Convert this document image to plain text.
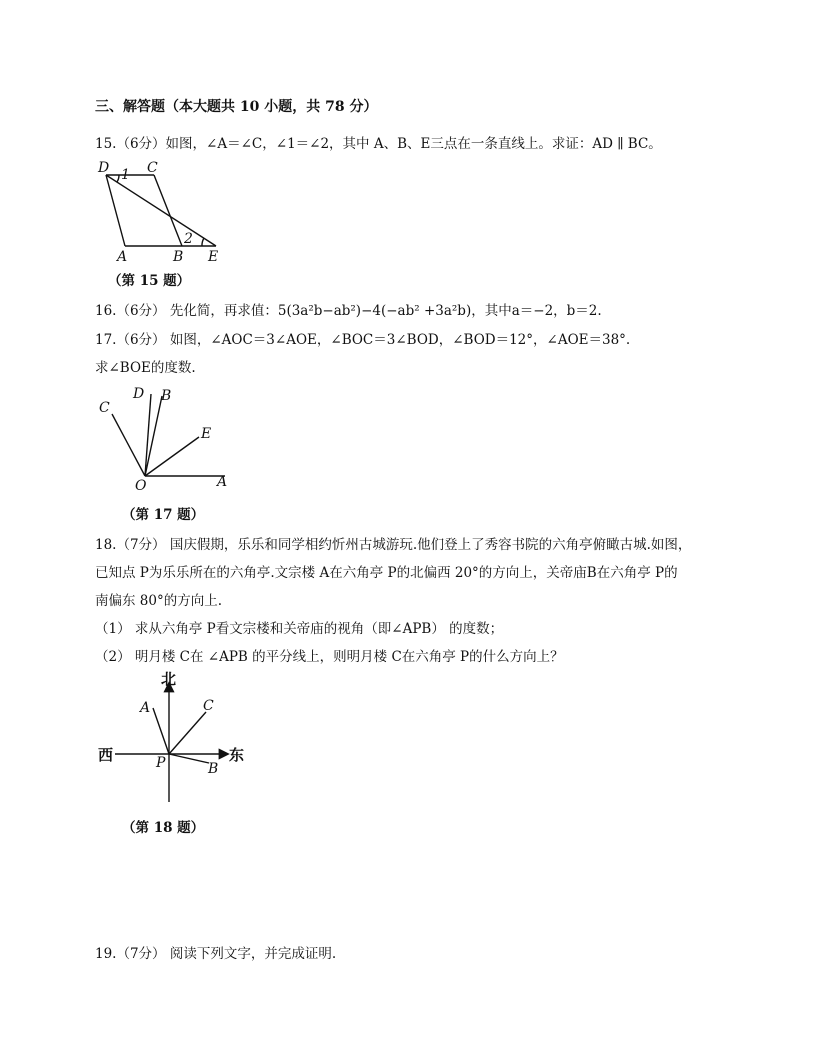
三、解答题（本大题共 10 小题，共 78 分）
15.（6分）如图，∠A＝∠C，∠1＝∠2，其中 A、B、E三点在一条直线上。求证：AD ∥ BC。
D	C
1
2
A	B E
（第 15 题）
16.（6分） 先化简，再求值：5(3a²b−ab²)−4(−ab² +3a²b)，其中a＝−2，b＝2.
17.（6分） 如图，∠AOC＝3∠AOE，∠BOC＝3∠BOD，∠BOD＝12°，∠AOE＝38°.
求∠BOE的度数.
C
D B
E
O	A
（第 17 题）
18.（7分） 国庆假期，乐乐和同学相约忻州古城游玩.他们登上了秀容书院的六角亭俯瞰古城.如图，
已知点 P为乐乐所在的六角亭.文宗楼 A在六角亭 P的北偏西 20°的方向上，关帝庙B在六角亭 P的
南偏东 80°的方向上.
（1） 求从六角亭 P看文宗楼和关帝庙的视角（即∠APB） 的度数；
（2） 明月楼 C在 ∠APB 的平分线上，则明月楼 C在六角亭 P的什么方向上？
北
西	东
A	C
P	B
（第 18 题）
19.（7分） 阅读下列文字，并完成证明.
